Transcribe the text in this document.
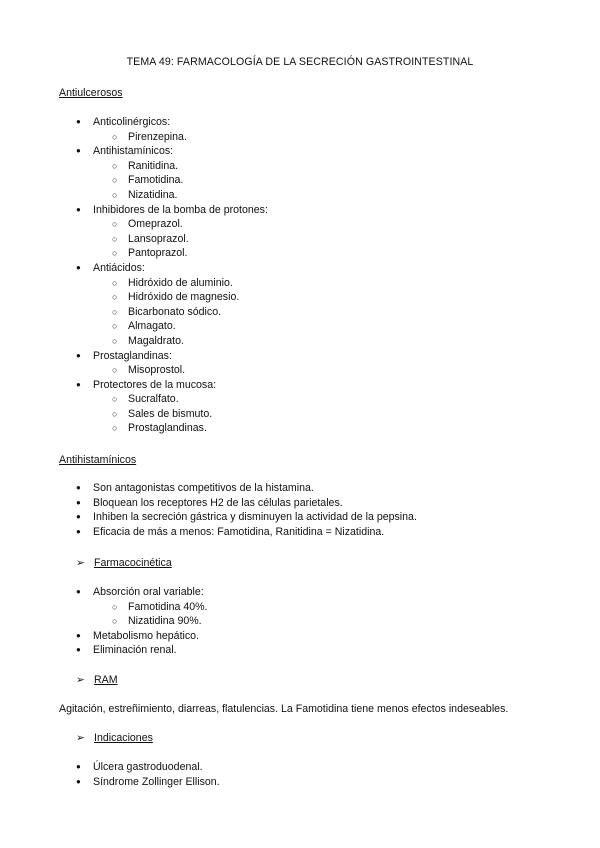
TEMA 49: FARMACOLOGÍA DE LA SECRECIÓN GASTROINTESTINAL
Antiulcerosos
● Anticolinérgicos:
○ Pirenzepina.
● Antihistamínicos:
○ Ranitidina.
○ Famotidina.
○ Nizatidina.
● Inhibidores de la bomba de protones:
○ Omeprazol.
○ Lansoprazol.
○ Pantoprazol.
● Antiácidos:
○ Hidróxido de aluminio.
○ Hidróxido de magnesio.
○ Bicarbonato sódico.
○ Almagato.
○ Magaldrato.
● Prostaglandinas:
○ Misoprostol.
● Protectores de la mucosa:
○ Sucralfato.
○ Sales de bismuto.
○ Prostaglandinas.
Antihistamínicos
● Son antagonistas competitivos de la histamina.
● Bloquean los receptores H2 de las células parietales.
● Inhiben la secreción gástrica y disminuyen la actividad de la pepsina.
● Eficacia de más a menos: Famotidina, Ranitidina = Nizatidina.
➢ Farmacocinética
● Absorción oral variable:
○ Famotidina 40%.
○ Nizatidina 90%.
● Metabolismo hepático.
● Eliminación renal.
➢ RAM
Agitación, estreñimiento, diarreas, flatulencias. La Famotidina tiene menos efectos indeseables.
➢ Indicaciones
● Úlcera gastroduodenal.
● Síndrome Zollinger Ellison.
